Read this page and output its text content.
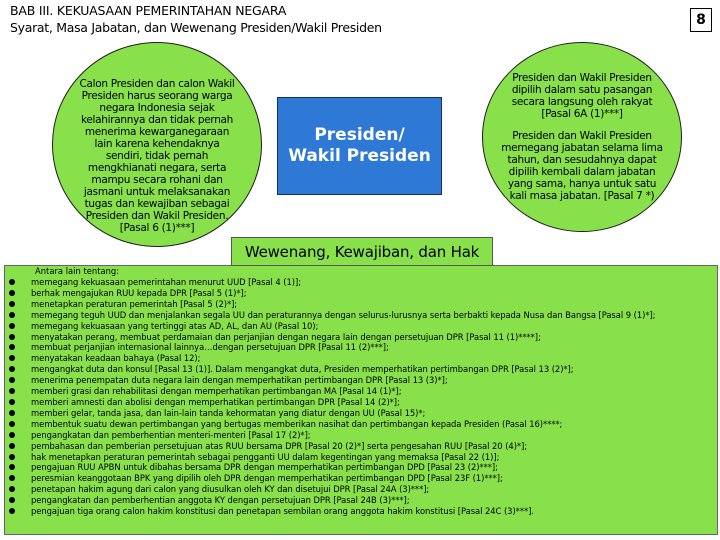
BAB III. KEKUASAAN PEMERINTAHAN NEGARA
Syarat, Masa Jabatan, dan Wewenang Presiden/Wakil Presiden	8
Calon Presiden dan calon Wakil Presiden harus seorang warga negara Indonesia sejak kelahirannya dan tidak pernah menerima kewarganegaraan lain karena kehendaknya sendiri, tidak pernah mengkhianati negara, serta mampu secara rohani dan jasmani untuk melaksanakan tugas dan kewajiban sebagai Presiden dan Wakil Presiden. [Pasal 6 (1)***]
Presiden/
Wakil Presiden
Presiden dan Wakil Presiden dipilih dalam satu pasangan secara langsung oleh rakyat [Pasal 6A (1)***]
Presiden dan Wakil Presiden memegang jabatan selama lima tahun, dan sesudahnya dapat dipilih kembali dalam jabatan yang sama, hanya untuk satu kali masa jabatan. [Pasal 7 *)
Antara lain tentang:
memegang kekuasaan pemerintahan menurut UUD [Pasal 4 (1)];
berhak mengajukan RUU kepada DPR [Pasal 5 (1)*];
menetapkan peraturan pemerintah [Pasal 5 (2)*];
memegang teguh UUD dan menjalankan segala UU dan peraturannya dengan selurus-lurusnya serta berbakti kepada Nusa dan Bangsa [Pasal 9 (1)*];
memegang kekuasaan yang tertinggi atas AD, AL, dan AU (Pasal 10);
menyatakan perang, membuat perdamaian dan perjanjian dengan negara lain dengan persetujuan DPR [Pasal 11 (1)****];
membuat perjanjian internasional lainnya…dengan persetujuan DPR [Pasal 11 (2)***];
menyatakan keadaan bahaya (Pasal 12);
mengangkat duta dan konsul [Pasal 13 (1)]. Dalam mengangkat duta, Presiden memperhatikan pertimbangan DPR [Pasal 13 (2)*];
menerima penempatan duta negara lain dengan memperhatikan pertimbangan DPR [Pasal 13 (3)*];
memberi grasi dan rehabilitasi dengan memperhatikan pertimbangan MA [Pasal 14 (1)*];
memberi amnesti dan abolisi dengan memperhatikan pertimbangan DPR [Pasal 14 (2)*];
memberi gelar, tanda jasa, dan lain-lain tanda kehormatan yang diatur dengan UU (Pasal 15)*;
membentuk suatu dewan pertimbangan yang bertugas memberikan nasihat dan pertimbangan kepada Presiden (Pasal 16)****;
pengangkatan dan pemberhentian menteri-menteri [Pasal 17 (2)*];
pembahasan dan pemberian persetujuan atas RUU bersama DPR [Pasal 20 (2)*] serta pengesahan RUU [Pasal 20 (4)*];
hak menetapkan peraturan pemerintah sebagai pengganti UU dalam kegentingan yang memaksa [Pasal 22 (1)];
pengajuan RUU APBN untuk dibahas bersama DPR dengan memperhatikan pertimbangan DPD [Pasal 23 (2)***];
peresmian keanggotaan BPK yang dipilih oleh DPR dengan memperhatikan pertimbangan DPD [Pasal 23F (1)***];
penetapan hakim agung dari calon yang diusulkan oleh KY dan disetujui DPR [Pasal 24A (3)***];
pengangkatan dan pemberhentian anggota KY dengan persetujuan DPR [Pasal 24B (3)***];
pengajuan tiga orang calon hakim konstitusi dan penetapan sembilan orang anggota hakim konstitusi [Pasal 24C (3)***].
Wewenang, Kewajiban, dan Hak
